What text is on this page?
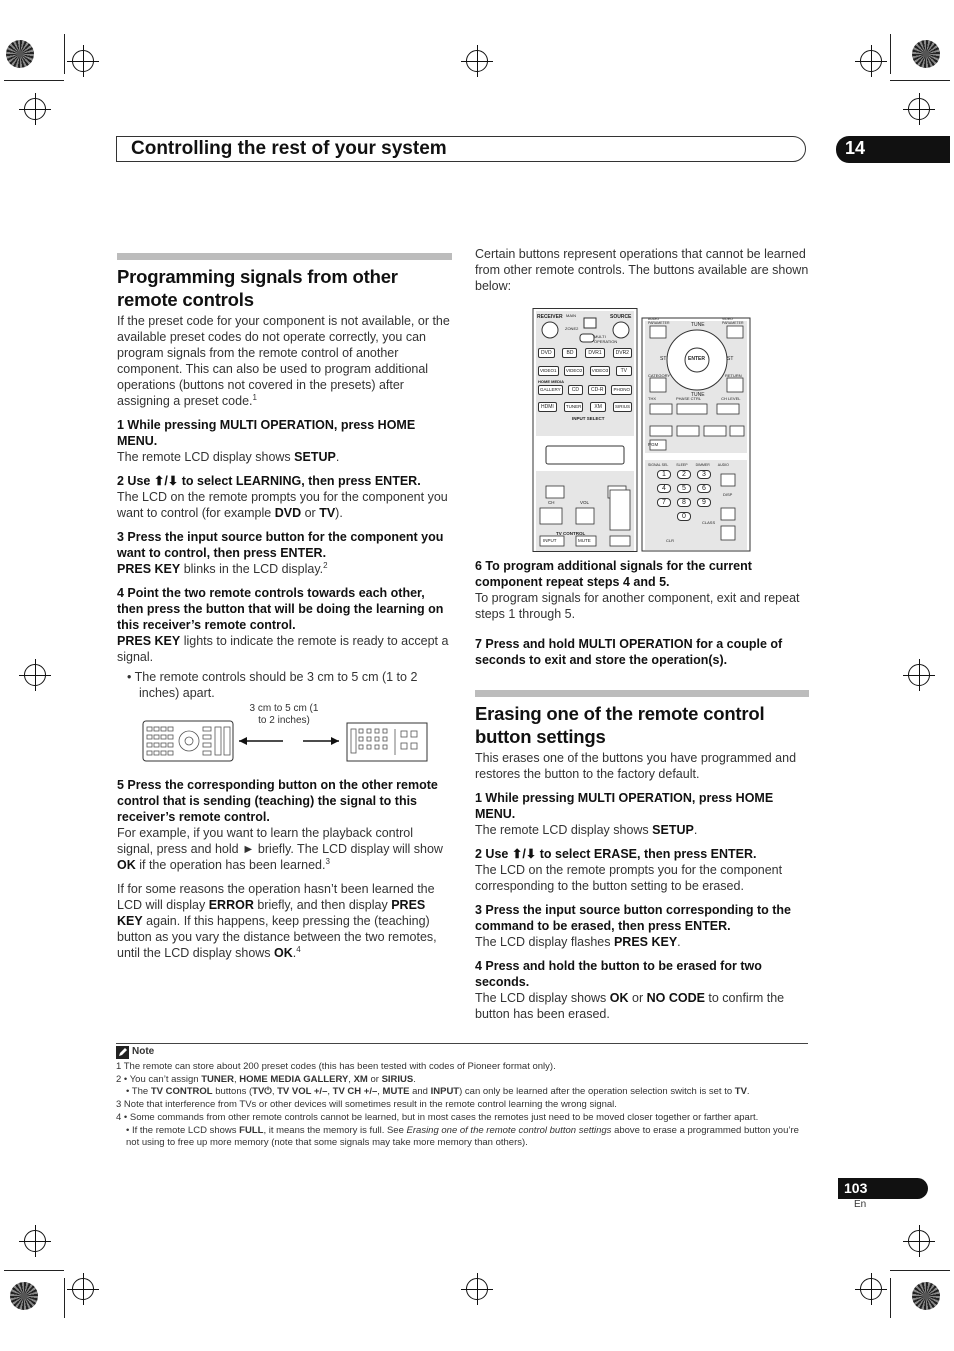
Controlling the rest of your system	14
Programming signals from other remote controls

If the preset code for your component is not available, or the available preset codes do not operate correctly, you can program signals from the remote control of another component. This can also be used to program additional operations (buttons not covered in the presets) after assigning a preset code.$^1$

1 While pressing MULTI OPERATION, press HOME MENU.

The remote LCD display shows SETUP.

2 Use ⬆/⬇ to select LEARNING, then press ENTER.

The LCD on the remote prompts you for the component you want to control (for example DVD or TV).

3 Press the input source button for the component you want to control, then press ENTER.

PRES KEY blinks in the LCD display.$^2$

4 Point the two remote controls towards each other, then press the button that will be doing the learning on this receiver’s remote control.

PRES KEY lights to indicate the remote is ready to accept a signal.

• The remote controls should be 3 cm to 5 cm (1 to 2 inches) apart.

3 cm to 5 cm (1 to 2 inches)

5 Press the corresponding button on the other remote control that is sending (teaching) the signal to this receiver’s remote control.

For example, if you want to learn the playback control signal, press and hold ► briefly. The LCD display will show OK if the operation has been learned.$^3$

If for some reasons the operation hasn’t been learned the LCD will display ERROR briefly, and then display PRES KEY again. If this happens, keep pressing the (teaching) button as you vary the distance between the two remotes, until the LCD display shows OK.$^4$

Certain buttons represent operations that cannot be learned from other remote controls. The buttons available are shown below:

RECEIVER	SOURCE
MAIN
ZONE2
MULTI OPERATION
DVD	BD	DVR1	DVR2
VIDEO1	VIDEO2	VIDEO3	TV
HOME MEDIA
GALLERY	CD	CD-R	PHONO
HDMI	TUNER	XM	SIRIUS
INPUT SELECT
ENTER
TUNE
TUNE
ST	ST
AUDIO PARAMETER
VIDEO PARAMETER
CATEGORY	RETURN
THX	PHASE CTRL	CH LEVEL
PGM
SIGNAL SEL SLEEP DIMMER AUDIO
1	2	3
4	5	6
7	8	9
0
DISP
CLASS
CLR
CH	VOL
TV CONTROL
INPUT	MUTE

6 To program additional signals for the current component repeat steps 4 and 5.

To program signals for another component, exit and repeat steps 1 through 5.

7 Press and hold MULTI OPERATION for a couple of seconds to exit and store the operation(s).

Erasing one of the remote control button settings

This erases one of the buttons you have programmed and restores the button to the factory default.

1 While pressing MULTI OPERATION, press HOME MENU.

The remote LCD display shows SETUP.

2 Use ⬆/⬇ to select ERASE, then press ENTER.

The LCD on the remote prompts you for the component corresponding to the button setting to be erased.

3 Press the input source button corresponding to the command to be erased, then press ENTER.

The LCD display flashes PRES KEY.

4 Press and hold the button to be erased for two seconds.

The LCD display shows OK or NO CODE to confirm the button has been erased.

Note

1 The remote can store about 200 preset codes (this has been tested with codes of Pioneer format only).

2 • You can’t assign TUNER, HOME MEDIA GALLERY, XM or SIRIUS.

• The TV CONTROL buttons (TV⏻, TV VOL +/–, TV CH +/–, MUTE and INPUT) can only be learned after the operation selection switch is set to TV.

3 Note that interference from TVs or other devices will sometimes result in the remote control learning the wrong signal.

4 • Some commands from other remote controls cannot be learned, but in most cases the remotes just need to be moved closer together or farther apart.

• If the remote LCD shows FULL, it means the memory is full. See Erasing one of the remote control button settings above to erase a programmed button you’re not using to free up more memory (note that some signals may take more memory than others).

103
En
